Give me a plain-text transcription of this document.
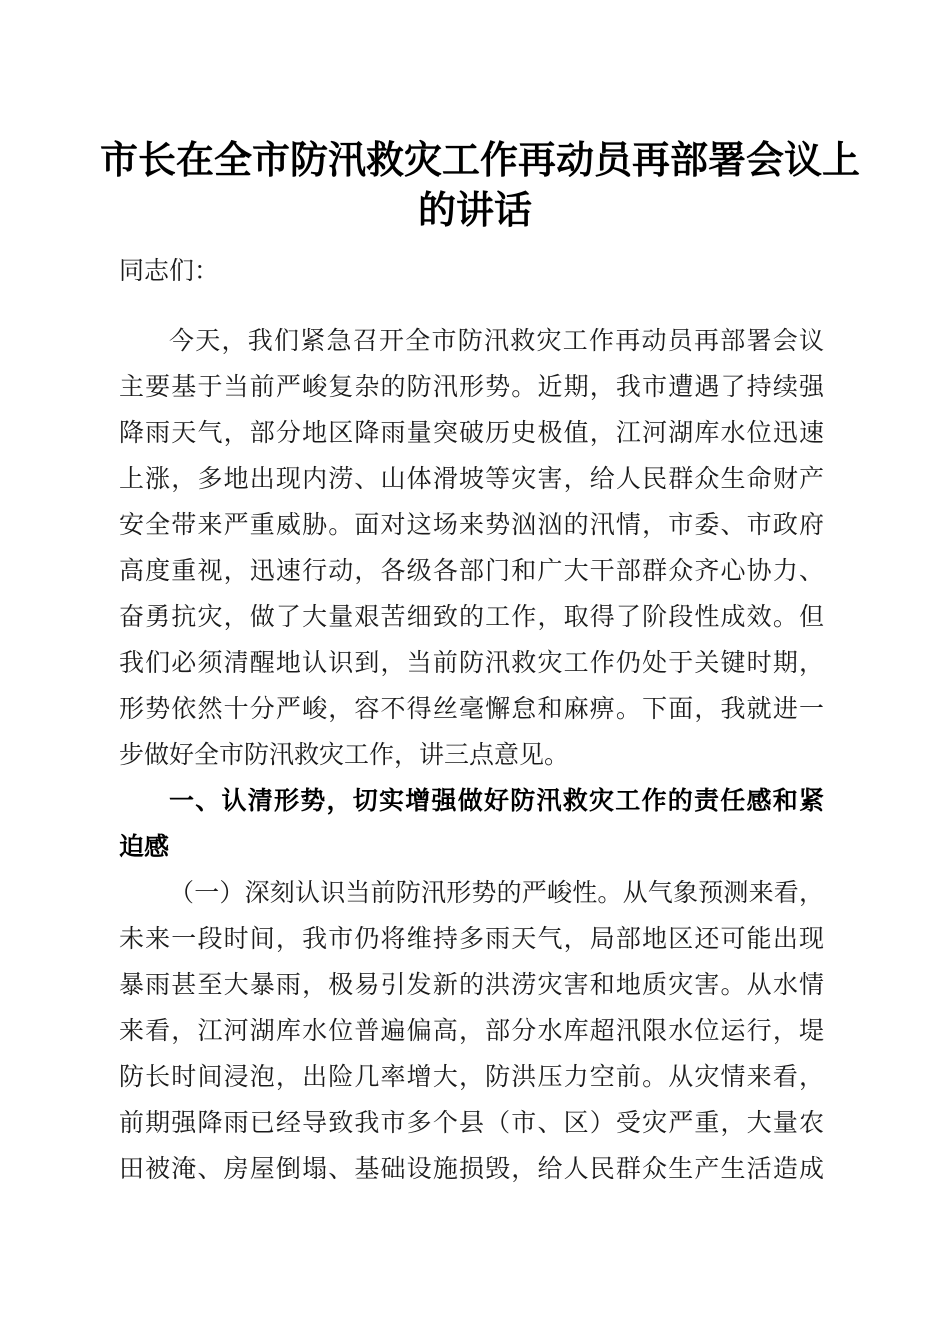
市长在全市防汛救灾工作再动员再部署会议上
的讲话
同志们：
今天，我们紧急召开全市防汛救灾工作再动员再部署会议
主要基于当前严峻复杂的防汛形势。近期，我市遭遇了持续强
降雨天气，部分地区降雨量突破历史极值，江河湖库水位迅速
上涨，多地出现内涝、山体滑坡等灾害，给人民群众生命财产
安全带来严重威胁。面对这场来势汹汹的汛情，市委、市政府
高度重视，迅速行动，各级各部门和广大干部群众齐心协力、
奋勇抗灾，做了大量艰苦细致的工作，取得了阶段性成效。但
我们必须清醒地认识到，当前防汛救灾工作仍处于关键时期，
形势依然十分严峻，容不得丝毫懈怠和麻痹。下面，我就进一
步做好全市防汛救灾工作，讲三点意见。
一、认清形势，切实增强做好防汛救灾工作的责任感和紧
迫感
（一）深刻认识当前防汛形势的严峻性。从气象预测来看，
未来一段时间，我市仍将维持多雨天气，局部地区还可能出现
暴雨甚至大暴雨，极易引发新的洪涝灾害和地质灾害。从水情
来看，江河湖库水位普遍偏高，部分水库超汛限水位运行，堤
防长时间浸泡，出险几率增大，防洪压力空前。从灾情来看，
前期强降雨已经导致我市多个县（市、区）受灾严重，大量农
田被淹、房屋倒塌、基础设施损毁，给人民群众生产生活造成
